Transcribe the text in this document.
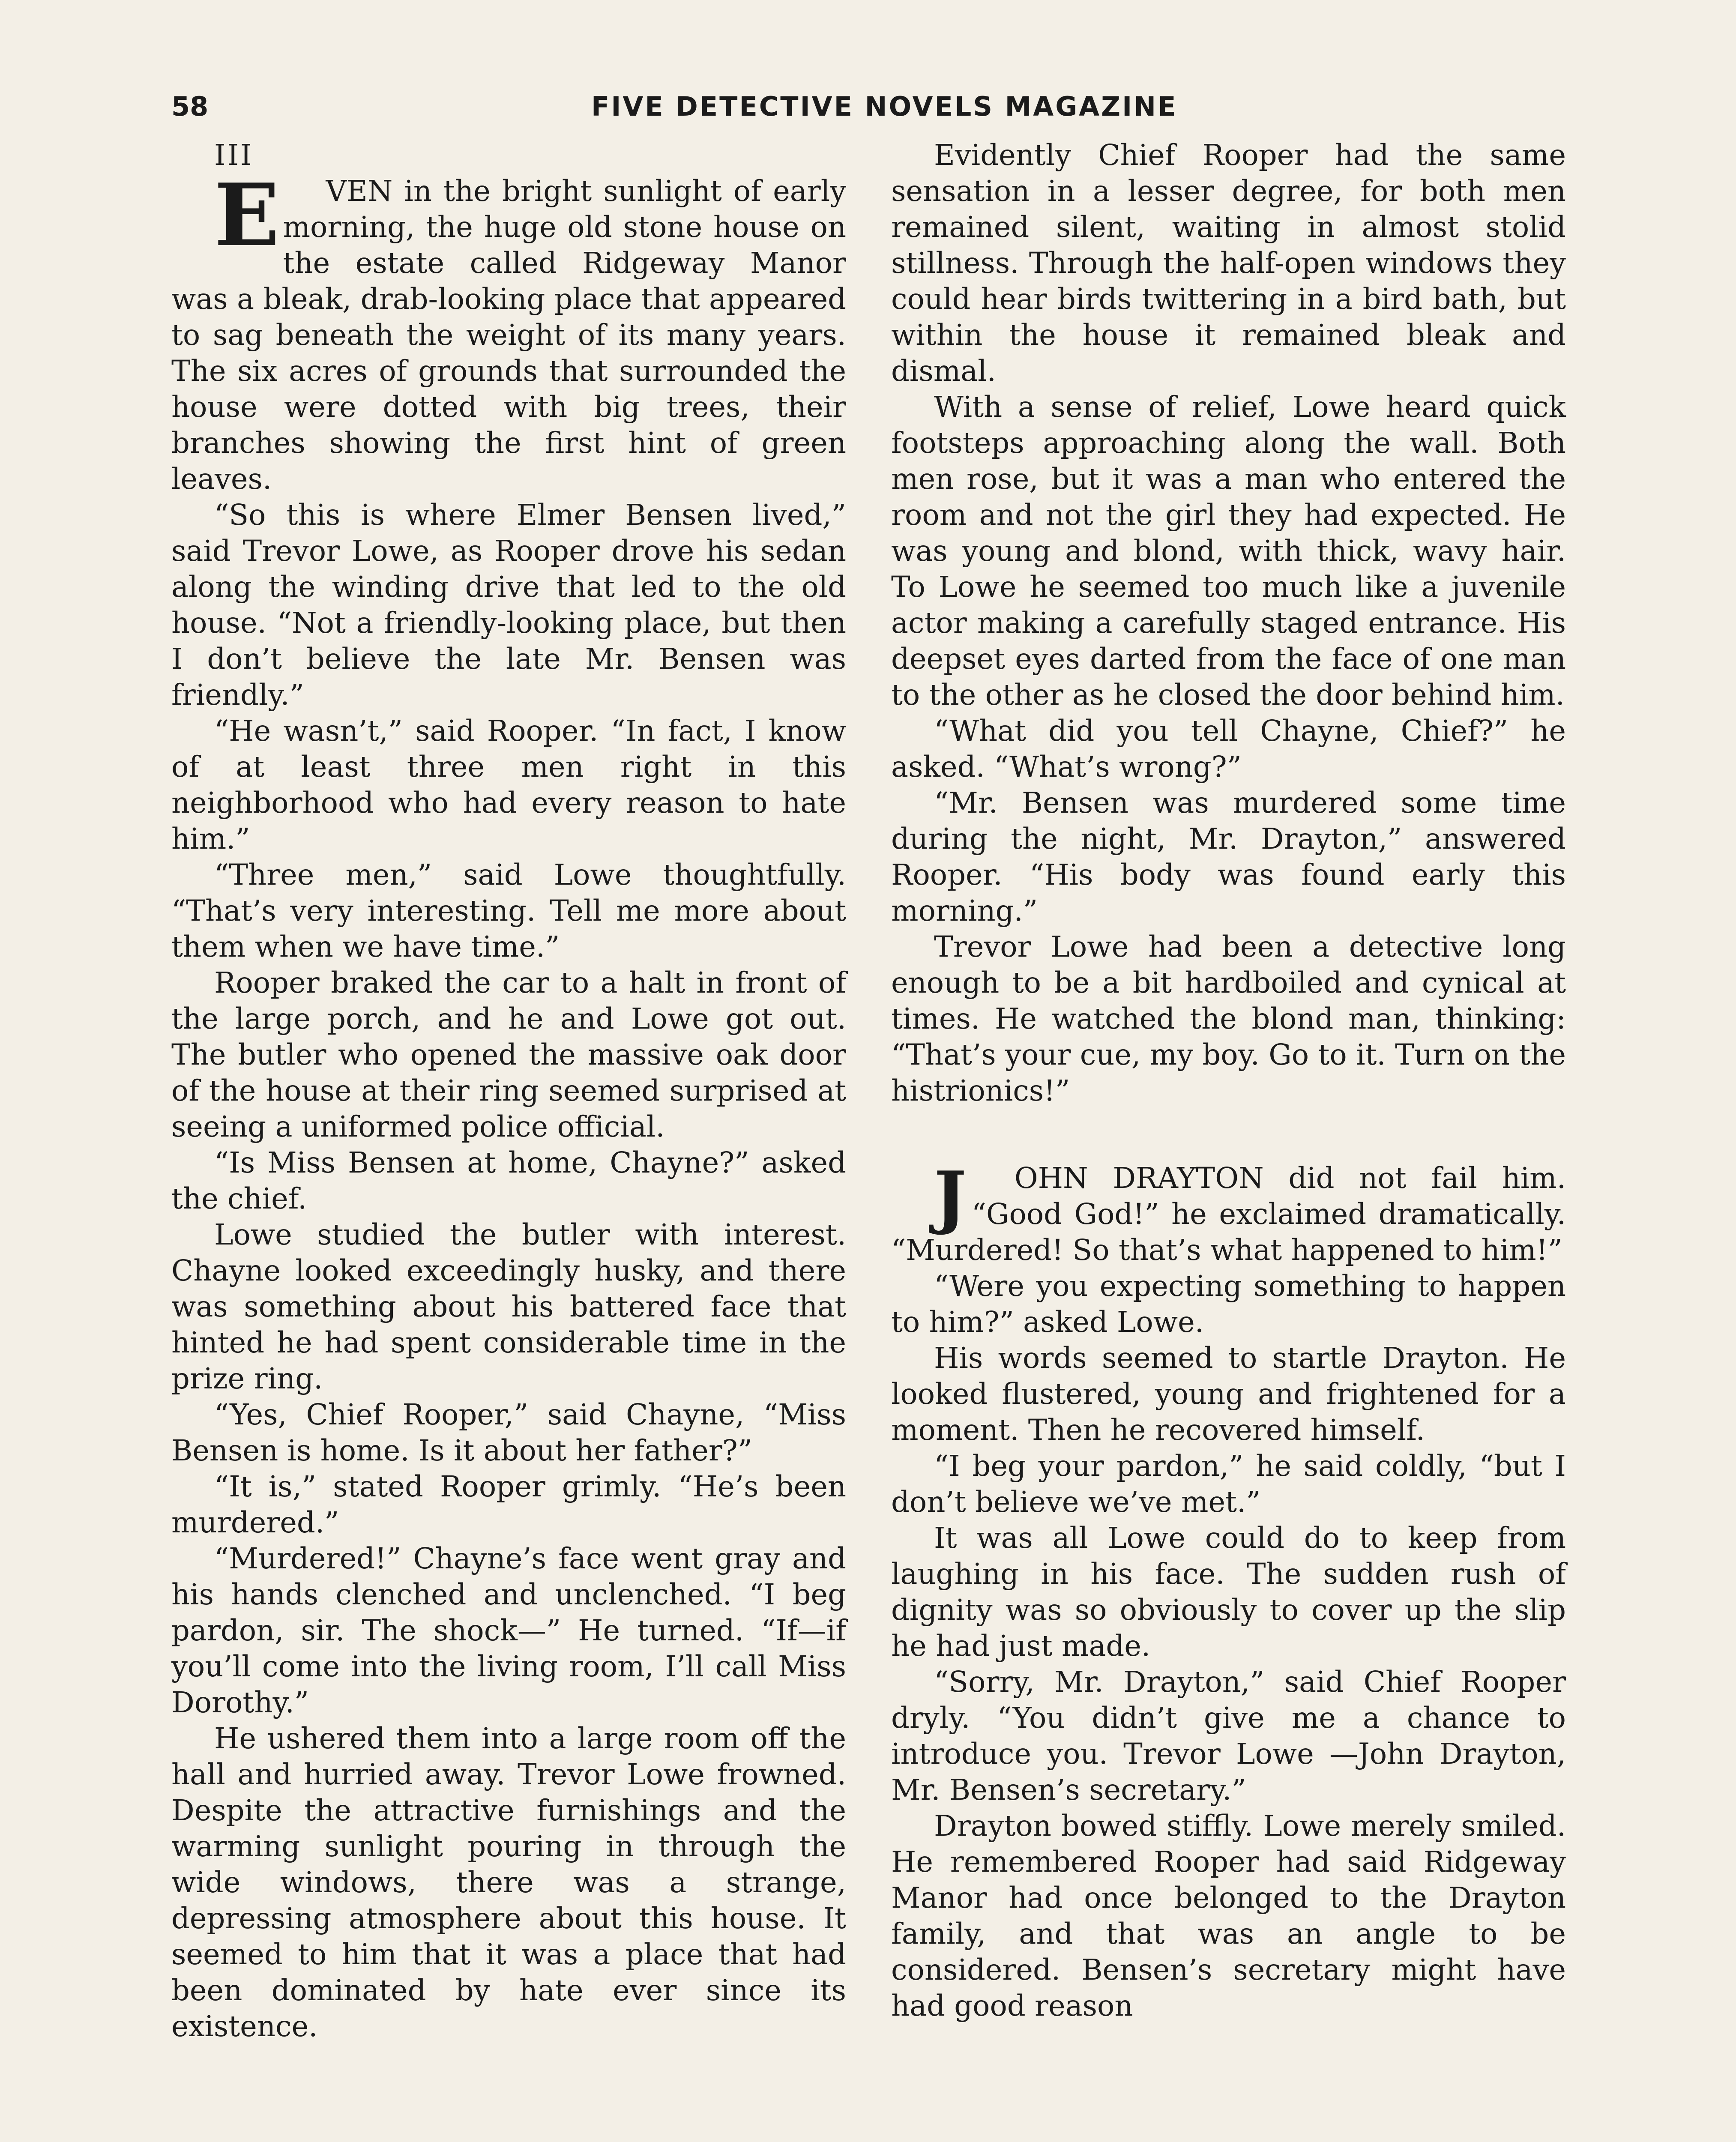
58	FIVE DETECTIVE NOVELS MAGAZINE

III

E VEN in the bright sunlight of early morning, the huge old stone house on the estate called Ridgeway Manor was a bleak, drab-looking place that appeared to sag beneath the weight of its many years. The six acres of grounds that surrounded the house were dotted with big trees, their branches showing the first hint of green leaves.

“So this is where Elmer Bensen lived,” said Trevor Lowe, as Rooper drove his sedan along the winding drive that led to the old house. “Not a friendly-looking place, but then I don’t believe the late Mr. Bensen was friendly.”

“He wasn’t,” said Rooper. “In fact, I know of at least three men right in this neighborhood who had every reason to hate him.”

“Three men,” said Lowe thoughtfully. “That’s very interesting. Tell me more about them when we have time.”

Rooper braked the car to a halt in front of the large porch, and he and Lowe got out. The butler who opened the massive oak door of the house at their ring seemed surprised at seeing a uniformed police official.

“Is Miss Bensen at home, Chayne?” asked the chief.

Lowe studied the butler with interest. Chayne looked exceedingly husky, and there was something about his battered face that hinted he had spent considerable time in the prize ring.

“Yes, Chief Rooper,” said Chayne, “Miss Bensen is home. Is it about her father?”

“It is,” stated Rooper grimly. “He’s been murdered.”

“Murdered!” Chayne’s face went gray and his hands clenched and unclenched. “I beg pardon, sir. The shock—” He turned. “If—if you’ll come into the living room, I’ll call Miss Dorothy.”

He ushered them into a large room off the hall and hurried away. Trevor Lowe frowned. Despite the attractive furnishings and the warming sunlight pouring in through the wide windows, there was a strange, depressing atmosphere about this house. It seemed to him that it was a place that had been dominated by hate ever since its existence.

Evidently Chief Rooper had the same sensation in a lesser degree, for both men remained silent, waiting in almost stolid stillness. Through the half-open windows they could hear birds twittering in a bird bath, but within the house it remained bleak and dismal.

With a sense of relief, Lowe heard quick footsteps approaching along the wall. Both men rose, but it was a man who entered the room and not the girl they had expected. He was young and blond, with thick, wavy hair. To Lowe he seemed too much like a juvenile actor making a carefully staged entrance. His deepset eyes darted from the face of one man to the other as he closed the door behind him.

“What did you tell Chayne, Chief?” he asked. “What’s wrong?”

“Mr. Bensen was murdered some time during the night, Mr. Drayton,” answered Rooper. “His body was found early this morning.”

Trevor Lowe had been a detective long enough to be a bit hardboiled and cynical at times. He watched the blond man, thinking: “That’s your cue, my boy. Go to it. Turn on the histrionics!”

J OHN DRAYTON did not fail him. “Good God!” he exclaimed dramatically. “Murdered! So that’s what happened to him!”

“Were you expecting something to happen to him?” asked Lowe.

His words seemed to startle Drayton. He looked flustered, young and frightened for a moment. Then he recovered himself.

“I beg your pardon,” he said coldly, “but I don’t believe we’ve met.”

It was all Lowe could do to keep from laughing in his face. The sudden rush of dignity was so obviously to cover up the slip he had just made.

“Sorry, Mr. Drayton,” said Chief Rooper dryly. “You didn’t give me a chance to introduce you. Trevor Lowe —John Drayton, Mr. Bensen’s secretary.”

Drayton bowed stiffly. Lowe merely smiled. He remembered Rooper had said Ridgeway Manor had once belonged to the Drayton family, and that was an angle to be considered. Bensen’s secretary might have had good reason
